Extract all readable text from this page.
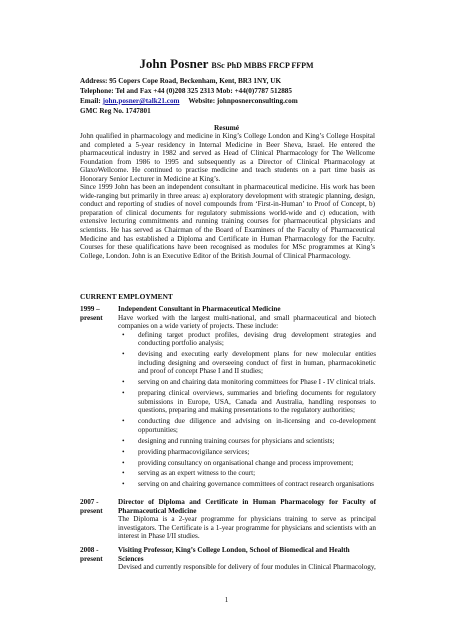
John Posner BSc PhD MBBS FRCP FFPM
Address: 95 Copers Cope Road, Beckenham, Kent, BR3 1NY, UK
Telephone: Tel and Fax +44 (0)208 325 2313 Mob: +44(0)7787 512885
Email: john.posner@talk21.com Website: johnposnerconsulting.com
GMC Reg No. 1747801
Resumé
John qualified in pharmacology and medicine in King’s College London and King’s College Hospital and completed a 5-year residency in Internal Medicine in Beer Sheva, Israel. He entered the pharmaceutical industry in 1982 and served as Head of Clinical Pharmacology for The Wellcome Foundation from 1986 to 1995 and subsequently as a Director of Clinical Pharmacology at GlaxoWellcome. He continued to practise medicine and teach students on a part time basis as Honorary Senior Lecturer in Medicine at King’s.
Since 1999 John has been an independent consultant in pharmaceutical medicine. His work has been wide-ranging but primarily in three areas: a) exploratory development with strategic planning, design, conduct and reporting of studies of novel compounds from ‘First-in-Human’ to Proof of Concept, b) preparation of clinical documents for regulatory submissions world-wide and c) education, with extensive lecturing commitments and running training courses for pharmaceutical physicians and scientists. He has served as Chairman of the Board of Examiners of the Faculty of Pharmaceutical Medicine and has established a Diploma and Certificate in Human Pharmacology for the Faculty. Courses for these qualifications have been recognised as modules for MSc programmes at King’s College, London. John is an Executive Editor of the British Journal of Clinical Pharmacology.
CURRENT EMPLOYMENT
1999 – present
Independent Consultant in Pharmaceutical Medicine
Have worked with the largest multi-national, and small pharmaceutical and biotech companies on a wide variety of projects. These include:
• defining target product profiles, devising drug development strategies and conducting portfolio analysis;
• devising and executing early development plans for new molecular entities including designing and overseeing conduct of first in human, pharmacokinetic and proof of concept Phase I and II studies;
• serving on and chairing data monitoring committees for Phase I - IV clinical trials.
• preparing clinical overviews, summaries and briefing documents for regulatory submissions in Europe, USA, Canada and Australia, handling responses to questions, preparing and making presentations to the regulatory authorities;
• conducting due diligence and advising on in-licensing and co-development opportunities;
• designing and running training courses for physicians and scientists;
• providing pharmacovigilance services;
• providing consultancy on organisational change and process improvement;
• serving as an expert witness to the court;
• serving on and chairing governance committees of contract research organisations
2007 - present
Director of Diploma and Certificate in Human Pharmacology for Faculty of Pharmaceutical Medicine
The Diploma is a 2-year programme for physicians training to serve as principal investigators. The Certificate is a 1-year programme for physicians and scientists with an interest in Phase I/II studies.
2008 - present
Visiting Professor, King’s College London, School of Biomedical and Health Sciences
Devised and currently responsible for delivery of four modules in Clinical Pharmacology,
1
